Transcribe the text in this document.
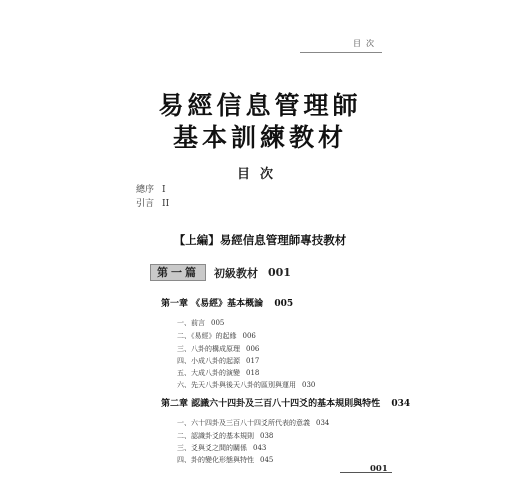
目次
易經信息管理師
基本訓練教材
目次
總序 I
引言 II
【上編】易經信息管理師專技教材
第一篇	初級教材 001
第一章 《易經》基本概論 005
一、前言 005
二、《易經》的起緣 006
三、八卦的構成原理 006
四、小成八卦的起源 017
五、大成八卦的演變 018
六、先天八卦與後天八卦的區別與運用 030
第二章 認識六十四卦及三百八十四爻的基本規則與特性 034
一、六十四卦及三百八十四爻所代表的意義 034
二、認識卦爻的基本規則 038
三、爻與爻之間的關係 043
四、卦的變化形態與特性 045
001
